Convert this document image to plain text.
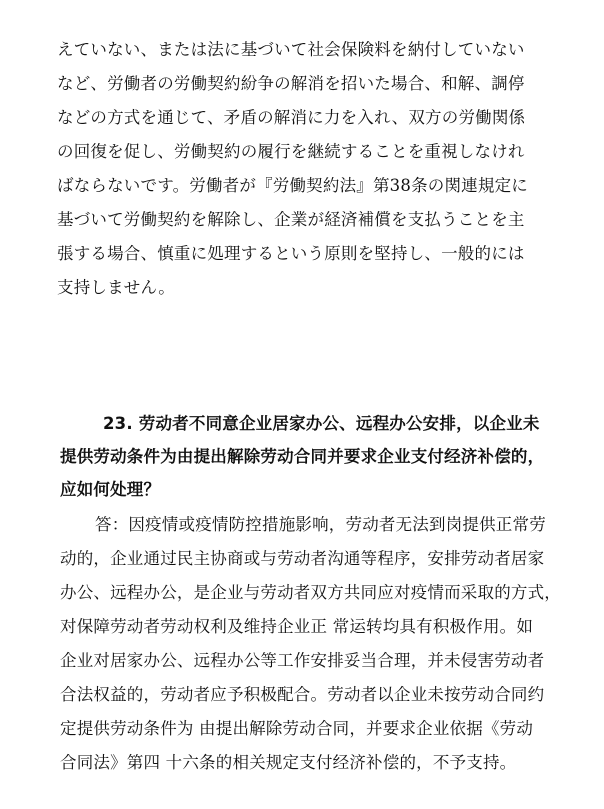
えていない、または法に基づいて社会保険料を納付していない
など、労働者の労働契約紛争の解消を招いた場合、和解、調停
などの方式を通じて、矛盾の解消に力を入れ、双方の労働関係
の回復を促し、労働契約の履行を継続することを重視しなけれ
ばならないです。労働者が『労働契約法』第38条の関連規定に
基づいて労働契約を解除し、企業が経済補償を支払うことを主
張する場合、慎重に処理するという原則を堅持し、一般的には
支持しません。
23. 劳动者不同意企业居家办公、远程办公安排，以企业未
提供劳动条件为由提出解除劳动合同并要求企业支付经济补偿的，
应如何处理？
答：因疫情或疫情防控措施影响，劳动者无法到岗提供正常劳
动的，企业通过民主协商或与劳动者沟通等程序，安排劳动者居家
办公、远程办公，是企业与劳动者双方共同应对疫情而采取的方式，
对保障劳动者劳动权利及维持企业正 常运转均具有积极作用。如
企业对居家办公、远程办公等工作安排妥当合理，并未侵害劳动者
合法权益的，劳动者应予积极配合。劳动者以企业未按劳动合同约
定提供劳动条件为 由提出解除劳动合同，并要求企业依据《劳动
合同法》第四 十六条的相关规定支付经济补偿的，不予支持。
